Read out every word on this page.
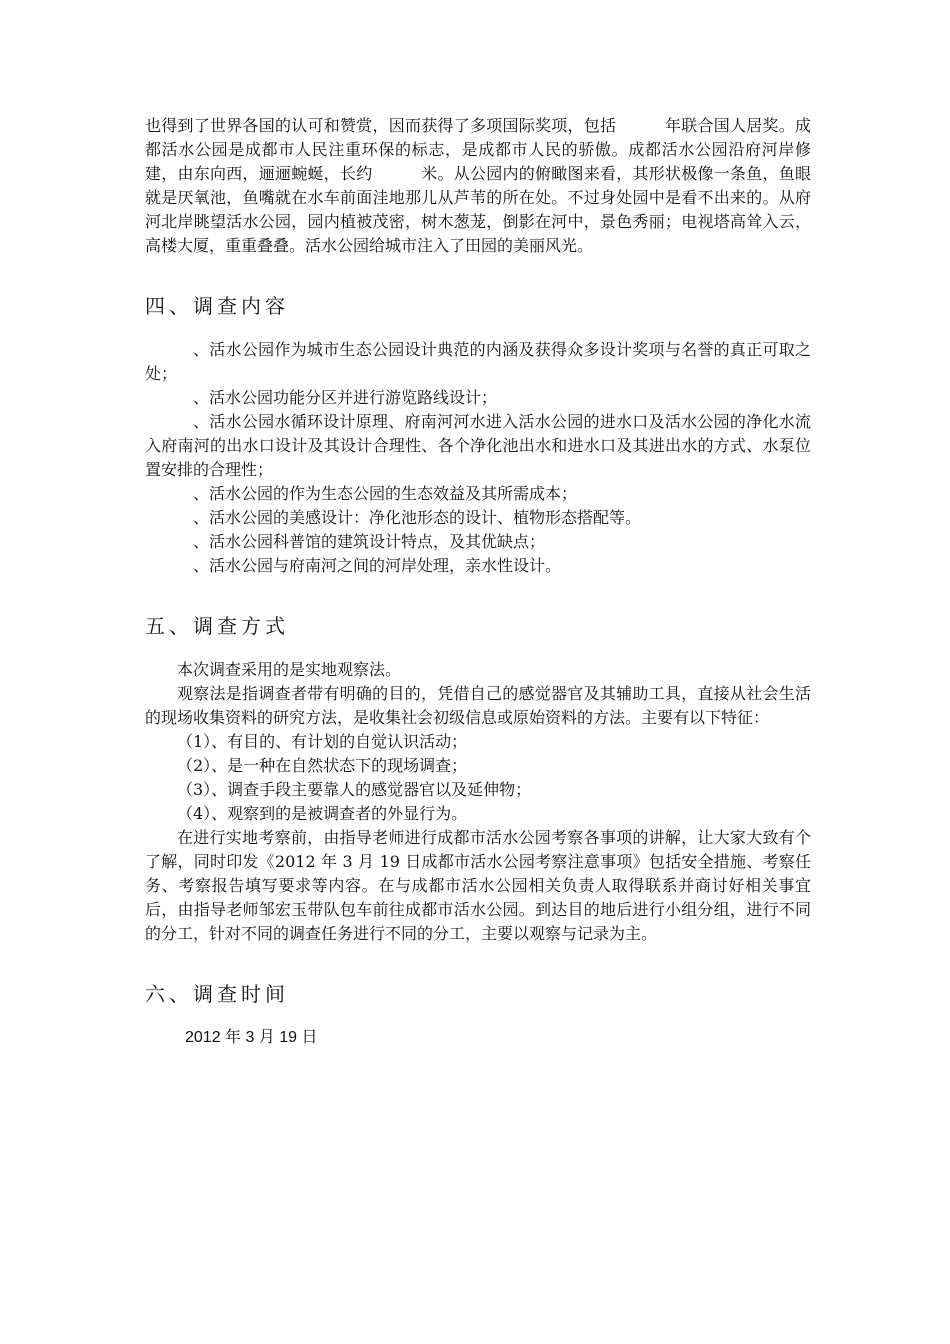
也得到了世界各国的认可和赞赏，因而获得了多项国际奖项，包括　　　年联合国人居奖。成都活水公园是成都市人民注重环保的标志，是成都市人民的骄傲。成都活水公园沿府河岸修建，由东向西，逦逦蜿蜒，长约　　　米。从公园内的俯瞰图来看，其形状极像一条鱼，鱼眼就是厌氧池，鱼嘴就在水车前面洼地那儿从芦苇的所在处。不过身处园中是看不出来的。从府河北岸眺望活水公园，园内植被茂密，树木葱茏，倒影在河中，景色秀丽；电视塔高耸入云，高楼大厦，重重叠叠。活水公园给城市注入了田园的美丽风光。

四、调查内容

、活水公园作为城市生态公园设计典范的内涵及获得众多设计奖项与名誉的真正可取之处；

、活水公园功能分区并进行游览路线设计；

、活水公园水循环设计原理、府南河河水进入活水公园的进水口及活水公园的净化水流入府南河的出水口设计及其设计合理性、各个净化池出水和进水口及其进出水的方式、水泵位置安排的合理性；

、活水公园的作为生态公园的生态效益及其所需成本；

、活水公园的美感设计：净化池形态的设计、植物形态搭配等。

、活水公园科普馆的建筑设计特点，及其优缺点；

、活水公园与府南河之间的河岸处理，亲水性设计。

五、调查方式

本次调查采用的是实地观察法。

观察法是指调查者带有明确的目的，凭借自己的感觉器官及其辅助工具，直接从社会生活的现场收集资料的研究方法，是收集社会初级信息或原始资料的方法。主要有以下特征：

（1）、有目的、有计划的自觉认识活动；

（2）、是一种在自然状态下的现场调查；

（3）、调查手段主要靠人的感觉器官以及延伸物；

（4）、观察到的是被调查者的外显行为。

在进行实地考察前，由指导老师进行成都市活水公园考察各事项的讲解，让大家大致有个了解，同时印发《2012 年 3 月 19 日成都市活水公园考察注意事项》包括安全措施、考察任务、考察报告填写要求等内容。在与成都市活水公园相关负责人取得联系并商讨好相关事宜后，由指导老师邹宏玉带队包车前往成都市活水公园。到达目的地后进行小组分组，进行不同的分工，针对不同的调查任务进行不同的分工，主要以观察与记录为主。

六、调查时间

2012 年 3 月 19 日
